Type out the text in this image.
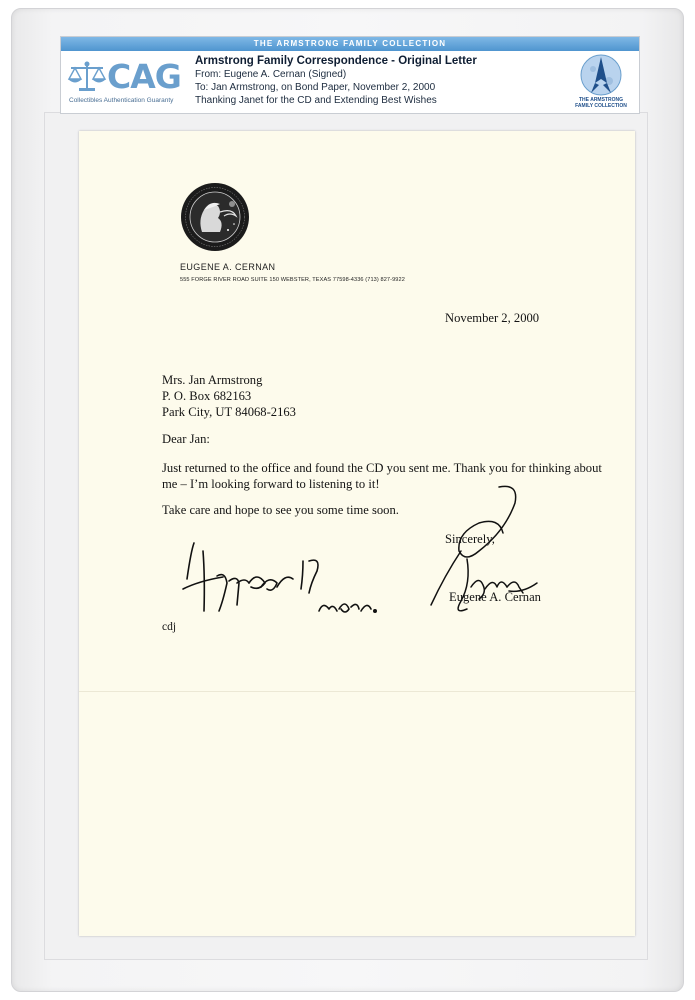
THE ARMSTRONG FAMILY COLLECTION
CAG
Collectibles Authentication Guaranty
Armstrong Family Correspondence - Original Letter
From: Eugene A. Cernan (Signed)
To: Jan Armstrong, on Bond Paper, November 2, 2000
Thanking Janet for the CD and Extending Best Wishes	THE ARMSTRONG
FAMILY COLLECTION
EUGENE A. CERNAN
555 FORGE RIVER ROAD SUITE 150 WEBSTER, TEXAS 77598-4336 (713) 827-9922
November 2, 2000
Mrs. Jan Armstrong
P. O. Box 682163
Park City, UT 84068-2163
Dear Jan:
Just returned to the office and found the CD you sent me. Thank you for thinking about me – I’m looking forward to listening to it!
Take care and hope to see you some time soon.
Sincerely,
Eugene A. Cernan
cdj
